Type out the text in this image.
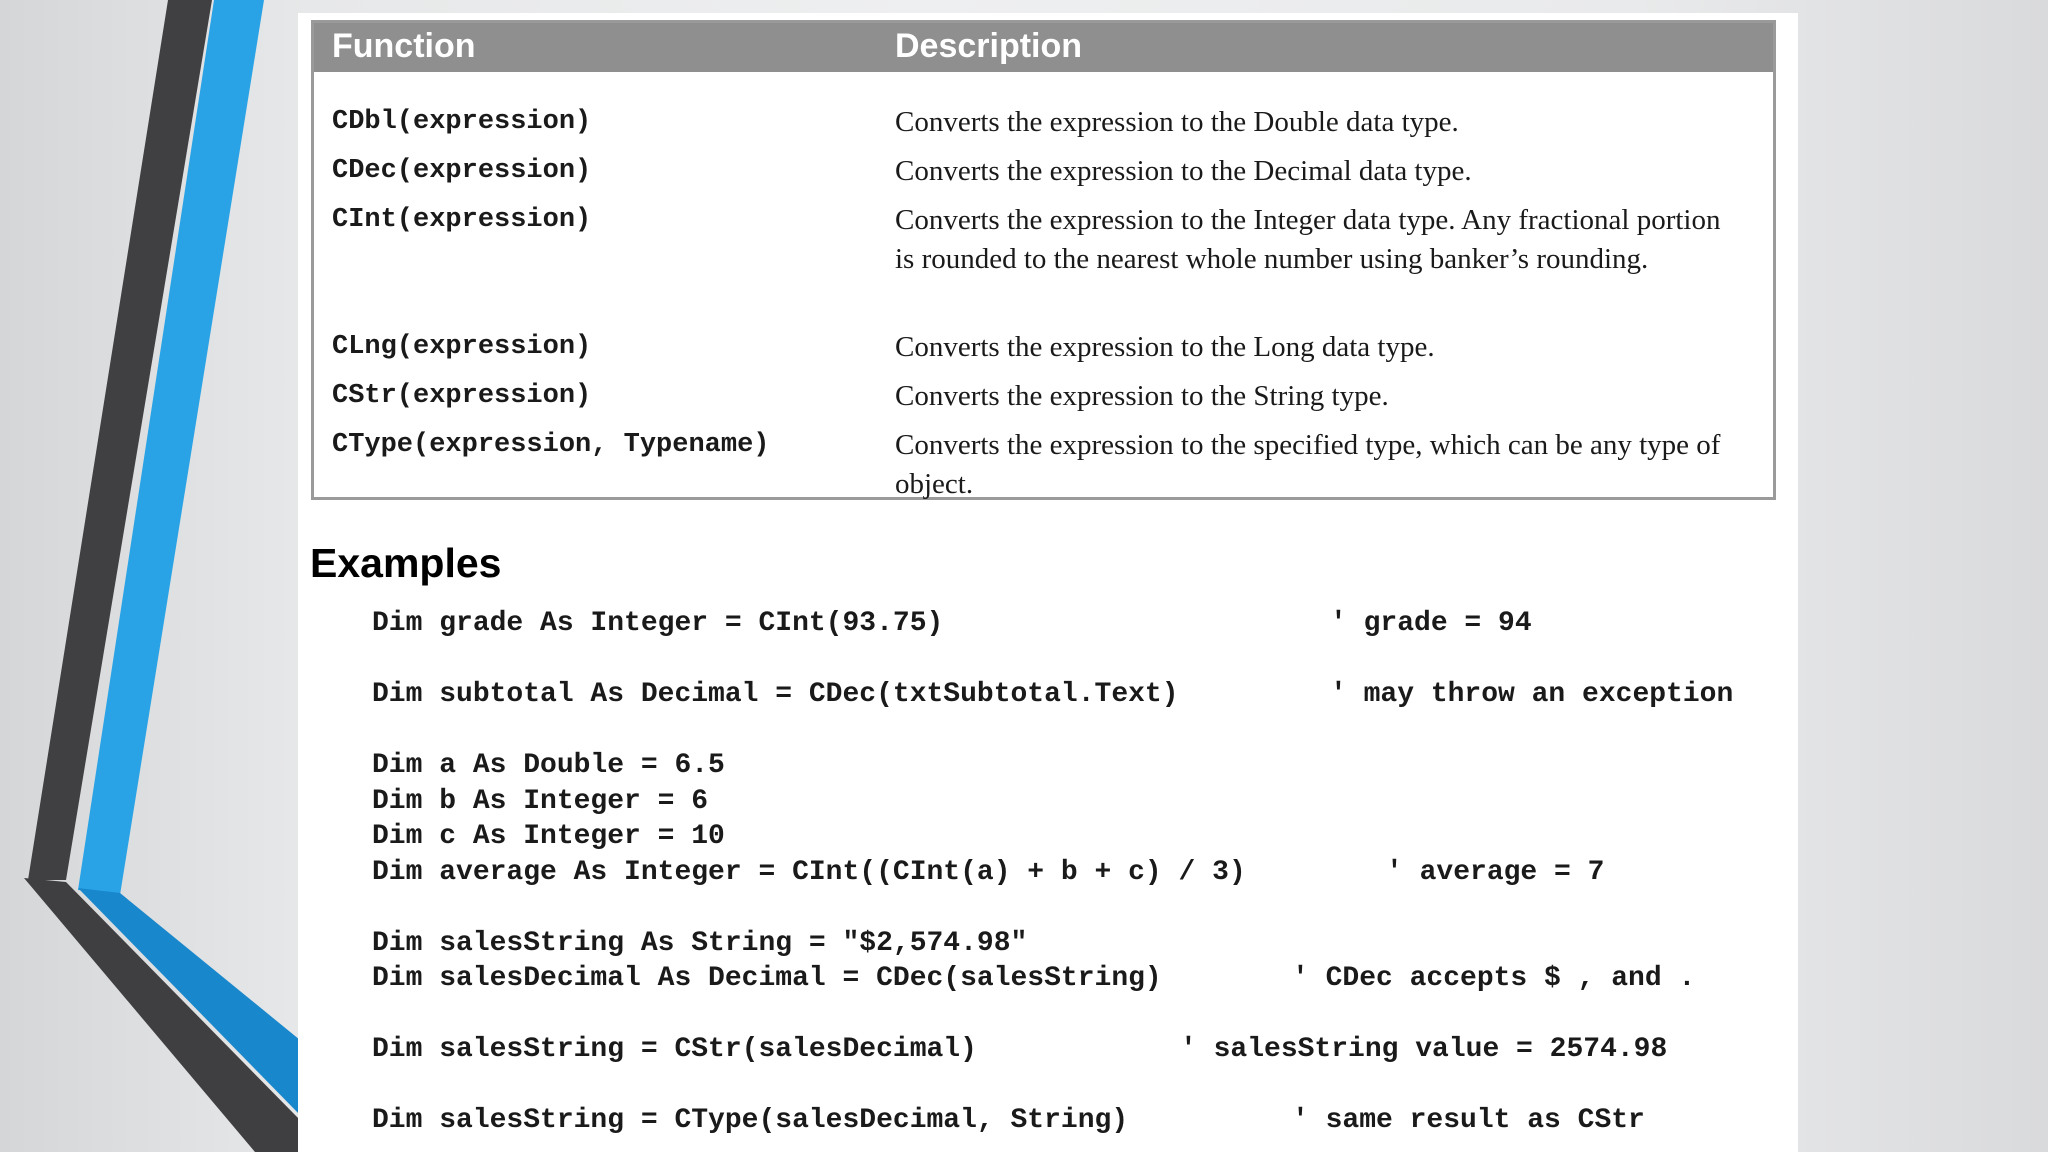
Function	Description
CDbl(expression)	Converts the expression to the Double data type.
CDec(expression)	Converts the expression to the Decimal data type.
CInt(expression)	Converts the expression to the Integer data type. Any fractional portion is rounded to the nearest whole number using banker’s rounding.
CLng(expression)	Converts the expression to the Long data type.
CStr(expression)	Converts the expression to the String type.
CType(expression, Typename)	Converts the expression to the specified type, which can be any type of object.
Examples
Dim grade As Integer = CInt(93.75)	' grade = 94
Dim subtotal As Decimal = CDec(txtSubtotal.Text)	' may throw an exception
Dim a As Double = 6.5
Dim b As Integer = 6
Dim c As Integer = 10
Dim average As Integer = CInt((CInt(a) + b + c) / 3)	' average = 7
Dim salesString As String = "$2,574.98"
Dim salesDecimal As Decimal = CDec(salesString)	' CDec accepts $ , and .
Dim salesString = CStr(salesDecimal)	' salesString value = 2574.98
Dim salesString = CType(salesDecimal, String)	' same result as CStr
